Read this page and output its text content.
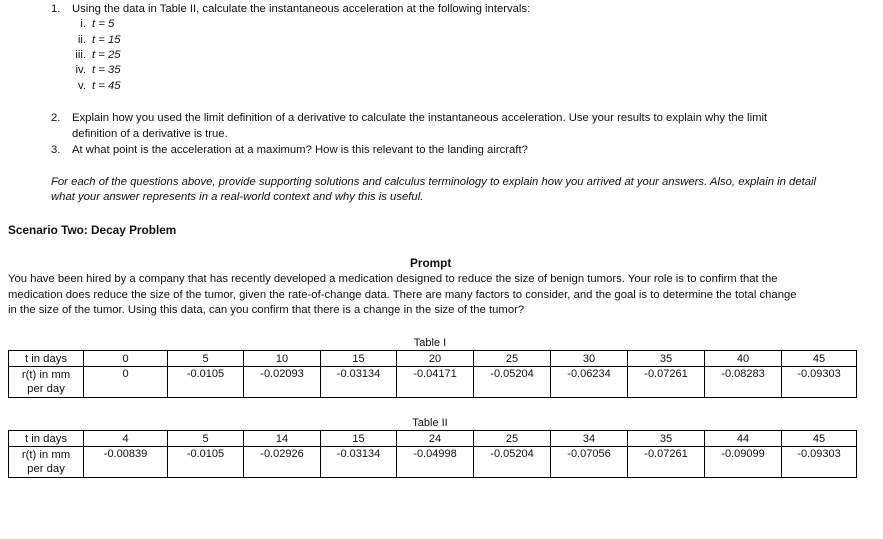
1. Using the data in Table II, calculate the instantaneous acceleration at the following intervals:
i. t = 5
ii. t = 15
iii. t = 25
iv. t = 35
v. t = 45
2. Explain how you used the limit definition of a derivative to calculate the instantaneous acceleration. Use your results to explain why the limit
definition of a derivative is true.
3. At what point is the acceleration at a maximum? How is this relevant to the landing aircraft?
For each of the questions above, provide supporting solutions and calculus terminology to explain how you arrived at your answers. Also, explain in detail
what your answer represents in a real-world context and why this is useful.
Scenario Two: Decay Problem
Prompt
You have been hired by a company that has recently developed a medication designed to reduce the size of benign tumors. Your role is to confirm that the
medication does reduce the size of the tumor, given the rate-of-change data. There are many factors to consider, and the goal is to determine the total change
in the size of the tumor. Using this data, can you confirm that there is a change in the size of the tumor?
Table I
t in days	0	5	10	15	20	25	30	35	40	45
r(t) in mm
per day	0	-0.0105	-0.02093	-0.03134	-0.04171	-0.05204	-0.06234	-0.07261	-0.08283	-0.09303
Table II
t in days	4	5	14	15	24	25	34	35	44	45
r(t) in mm
per day	-0.00839	-0.0105	-0.02926	-0.03134	-0.04998	-0.05204	-0.07056	-0.07261	-0.09099	-0.09303
